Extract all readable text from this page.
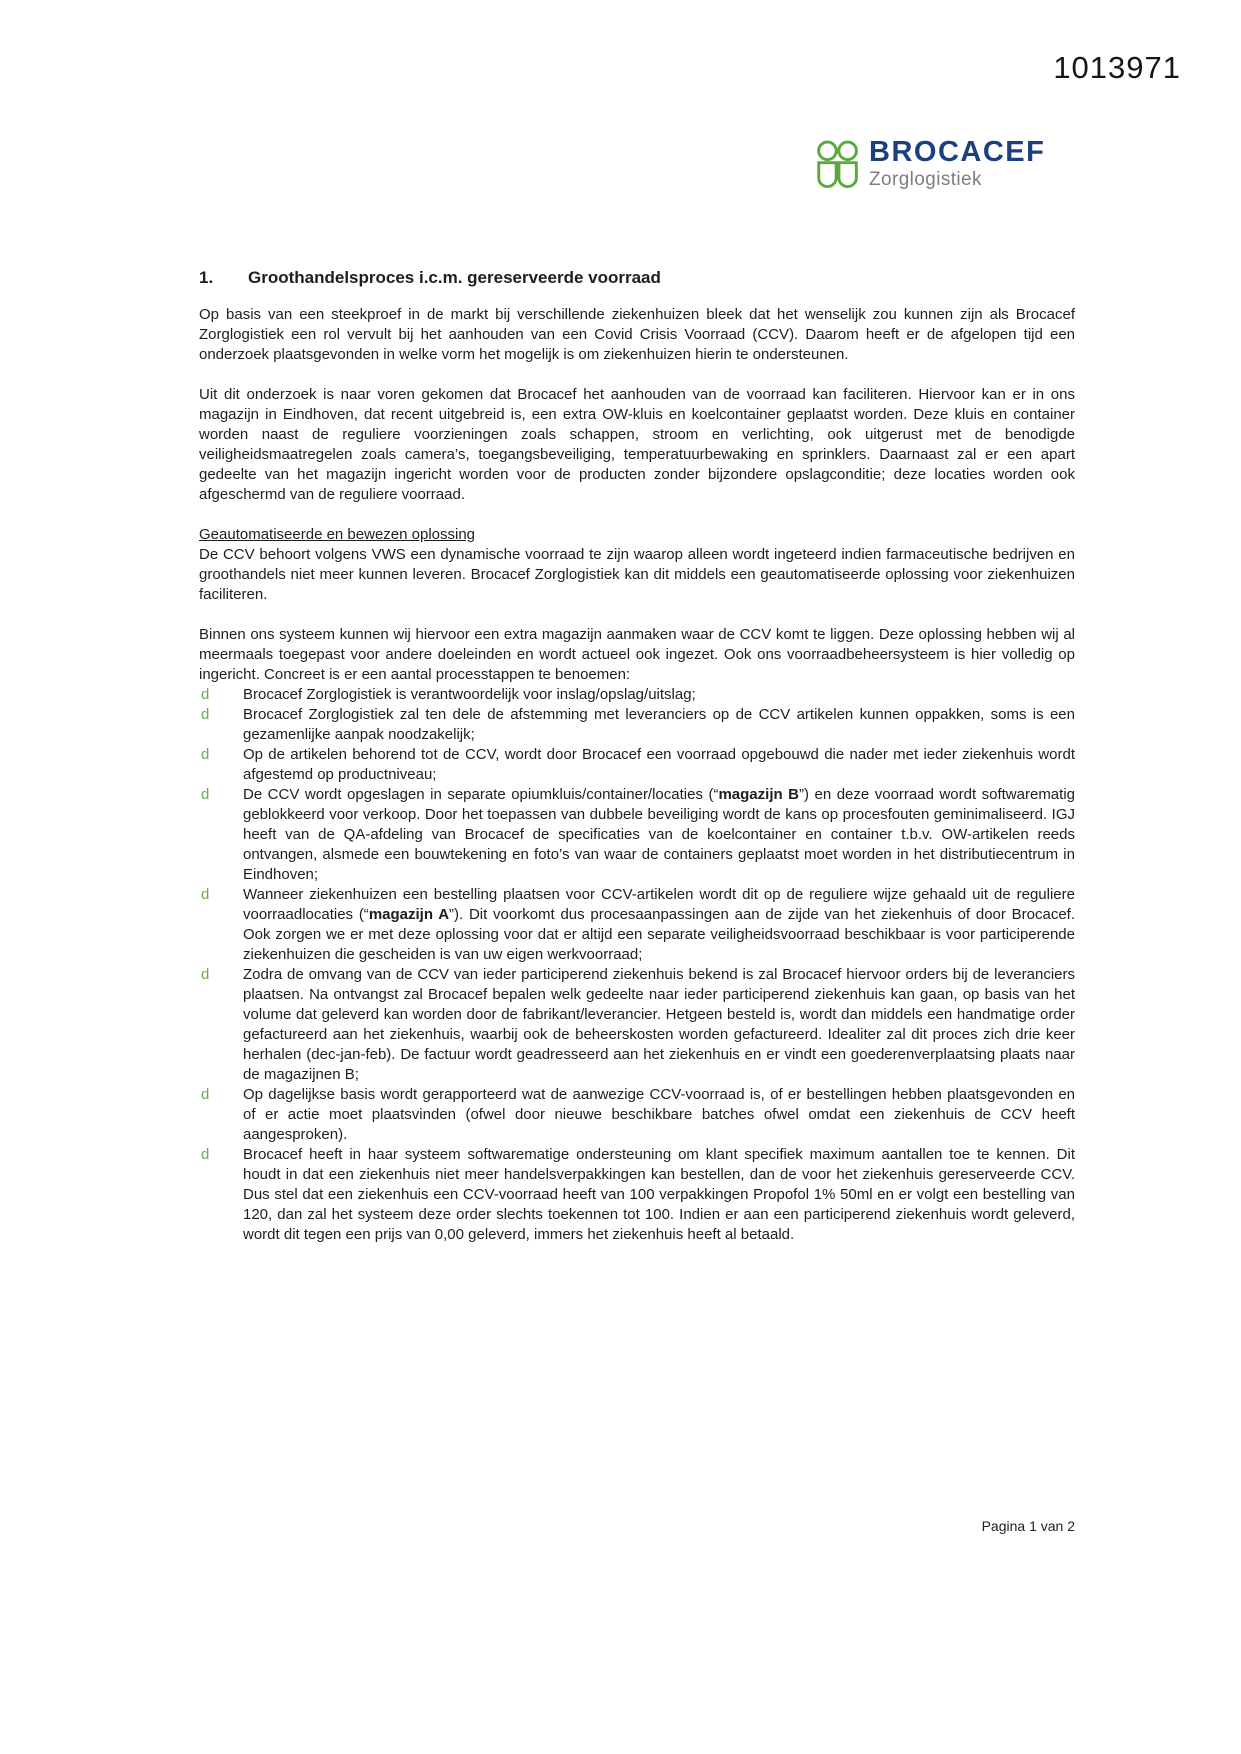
1013971
BROCACEF
Zorglogistiek
1.	Groothandelsproces i.c.m. gereserveerde voorraad

Op basis van een steekproef in de markt bij verschillende ziekenhuizen bleek dat het wenselijk zou kunnen zijn als Brocacef Zorglogistiek een rol vervult bij het aanhouden van een Covid Crisis Voorraad (CCV). Daarom heeft er de afgelopen tijd een onderzoek plaatsgevonden in welke vorm het mogelijk is om ziekenhuizen hierin te ondersteunen.

Uit dit onderzoek is naar voren gekomen dat Brocacef het aanhouden van de voorraad kan faciliteren. Hiervoor kan er in ons magazijn in Eindhoven, dat recent uitgebreid is, een extra OW-kluis en koelcontainer geplaatst worden. Deze kluis en container worden naast de reguliere voorzieningen zoals schappen, stroom en verlichting, ook uitgerust met de benodigde veiligheidsmaatregelen zoals camera’s, toegangsbeveiliging, temperatuurbewaking en sprinklers. Daarnaast zal er een apart gedeelte van het magazijn ingericht worden voor de producten zonder bijzondere opslagconditie; deze locaties worden ook afgeschermd van de reguliere voorraad.

Geautomatiseerde en bewezen oplossing

De CCV behoort volgens VWS een dynamische voorraad te zijn waarop alleen wordt ingeteerd indien farmaceutische bedrijven en groothandels niet meer kunnen leveren. Brocacef Zorglogistiek kan dit middels een geautomatiseerde oplossing voor ziekenhuizen faciliteren.

Binnen ons systeem kunnen wij hiervoor een extra magazijn aanmaken waar de CCV komt te liggen. Deze oplossing hebben wij al meermaals toegepast voor andere doeleinden en wordt actueel ook ingezet. Ook ons voorraadbeheersysteem is hier volledig op ingericht. Concreet is er een aantal processtappen te benoemen:

d Brocacef Zorglogistiek is verantwoordelijk voor inslag/opslag/uitslag;
d Brocacef Zorglogistiek zal ten dele de afstemming met leveranciers op de CCV artikelen kunnen oppakken, soms is een gezamenlijke aanpak noodzakelijk;
d Op de artikelen behorend tot de CCV, wordt door Brocacef een voorraad opgebouwd die nader met ieder ziekenhuis wordt afgestemd op productniveau;
d De CCV wordt opgeslagen in separate opiumkluis/container/locaties (“magazijn B”) en deze voorraad wordt softwarematig geblokkeerd voor verkoop. Door het toepassen van dubbele beveiliging wordt de kans op procesfouten geminimaliseerd. IGJ heeft van de QA-afdeling van Brocacef de specificaties van de koelcontainer en container t.b.v. OW-artikelen reeds ontvangen, alsmede een bouwtekening en foto’s van waar de containers geplaatst moet worden in het distributiecentrum in Eindhoven;
d Wanneer ziekenhuizen een bestelling plaatsen voor CCV-artikelen wordt dit op de reguliere wijze gehaald uit de reguliere voorraadlocaties (“magazijn A”). Dit voorkomt dus procesaanpassingen aan de zijde van het ziekenhuis of door Brocacef. Ook zorgen we er met deze oplossing voor dat er altijd een separate veiligheidsvoorraad beschikbaar is voor participerende ziekenhuizen die gescheiden is van uw eigen werkvoorraad;
d Zodra de omvang van de CCV van ieder participerend ziekenhuis bekend is zal Brocacef hiervoor orders bij de leveranciers plaatsen. Na ontvangst zal Brocacef bepalen welk gedeelte naar ieder participerend ziekenhuis kan gaan, op basis van het volume dat geleverd kan worden door de fabrikant/leverancier. Hetgeen besteld is, wordt dan middels een handmatige order gefactureerd aan het ziekenhuis, waarbij ook de beheerskosten worden gefactureerd. Idealiter zal dit proces zich drie keer herhalen (dec-jan-feb). De factuur wordt geadresseerd aan het ziekenhuis en er vindt een goederenverplaatsing plaats naar de magazijnen B;
d Op dagelijkse basis wordt gerapporteerd wat de aanwezige CCV-voorraad is, of er bestellingen hebben plaatsgevonden en of er actie moet plaatsvinden (ofwel door nieuwe beschikbare batches ofwel omdat een ziekenhuis de CCV heeft aangesproken).
d Brocacef heeft in haar systeem softwarematige ondersteuning om klant specifiek maximum aantallen toe te kennen. Dit houdt in dat een ziekenhuis niet meer handelsverpakkingen kan bestellen, dan de voor het ziekenhuis gereserveerde CCV. Dus stel dat een ziekenhuis een CCV-voorraad heeft van 100 verpakkingen Propofol 1% 50ml en er volgt een bestelling van 120, dan zal het systeem deze order slechts toekennen tot 100. Indien er aan een participerend ziekenhuis wordt geleverd, wordt dit tegen een prijs van 0,00 geleverd, immers het ziekenhuis heeft al betaald.
Pagina 1 van 2
